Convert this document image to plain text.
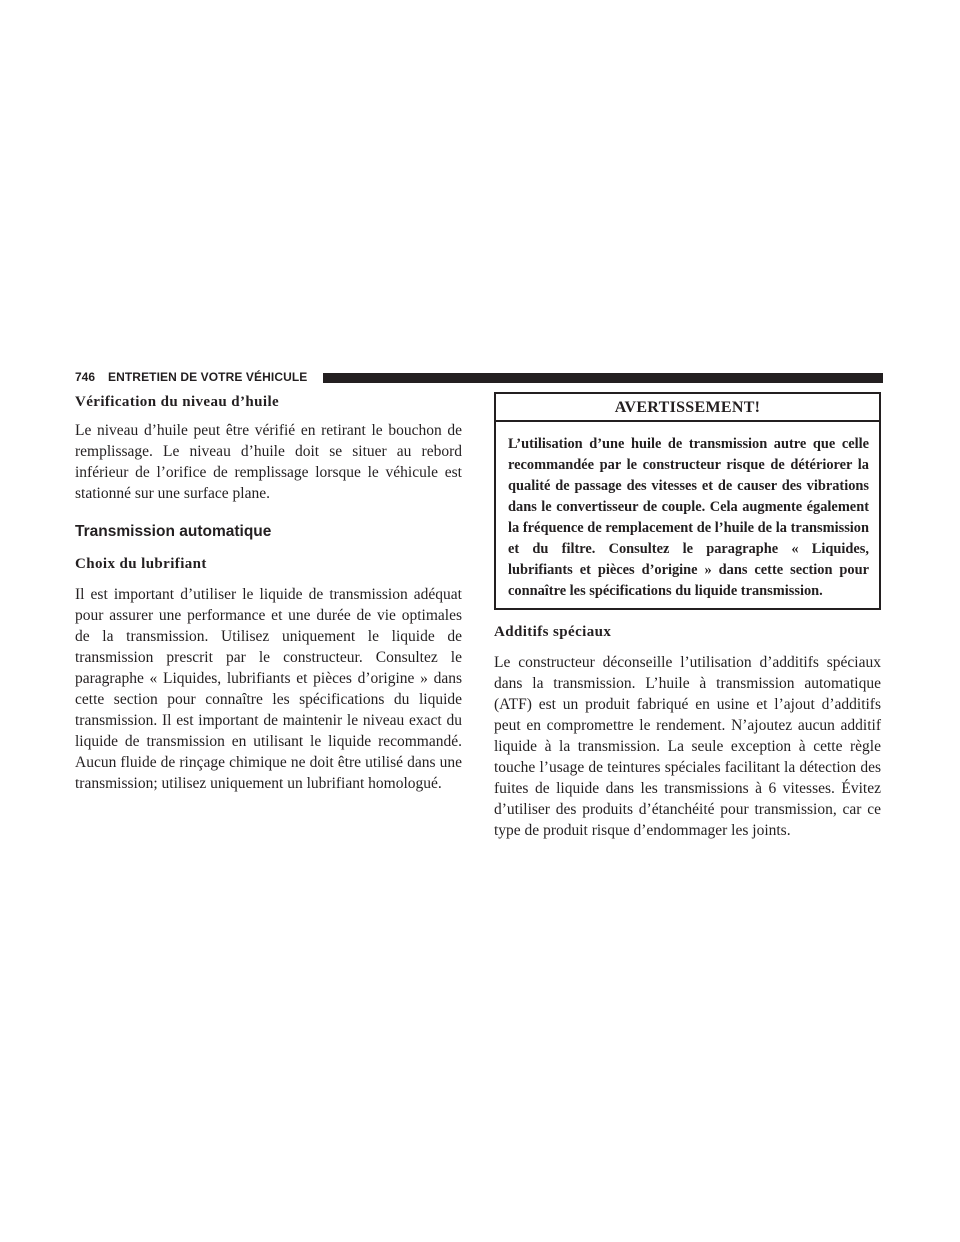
746 ENTRETIEN DE VOTRE VÉHICULE
Vérification du niveau d’huile

Le niveau d’huile peut être vérifié en retirant le bouchon de remplissage. Le niveau d’huile doit se situer au rebord inférieur de l’orifice de remplissage lorsque le véhicule est stationné sur une surface plane.

Transmission automatique
Choix du lubrifiant

Il est important d’utiliser le liquide de transmission adéquat pour assurer une performance et une durée de vie optimales de la transmission. Utilisez uniquement le liquide de transmission prescrit par le constructeur. Consultez le paragraphe « Liquides, lubrifiants et pièces d’origine » dans cette section pour connaître les spécifications du liquide transmission. Il est important de maintenir le niveau exact du liquide de transmission en utilisant le liquide recommandé. Aucun fluide de rinçage chimique ne doit être utilisé dans une transmission; utilisez uniquement un lubrifiant homologué.

AVERTISSEMENT!
L’utilisation d’une huile de transmission autre que celle recommandée par le constructeur risque de détériorer la qualité de passage des vitesses et de causer des vibrations dans le convertisseur de couple. Cela augmente également la fréquence de remplacement de l’huile de la transmission et du filtre. Consultez le paragraphe « Liquides, lubrifiants et pièces d’origine » dans cette section pour connaître les spécifications du liquide transmission.
Additifs spéciaux

Le constructeur déconseille l’utilisation d’additifs spéciaux dans la transmission. L’huile à transmission automatique (ATF) est un produit fabriqué en usine et l’ajout d’additifs peut en compromettre le rendement. N’ajoutez aucun additif liquide à la transmission. La seule exception à cette règle touche l’usage de teintures spéciales facilitant la détection des fuites de liquide dans les transmissions à 6 vitesses. Évitez d’utiliser des produits d’étanchéité pour transmission, car ce type de produit risque d’endommager les joints.
